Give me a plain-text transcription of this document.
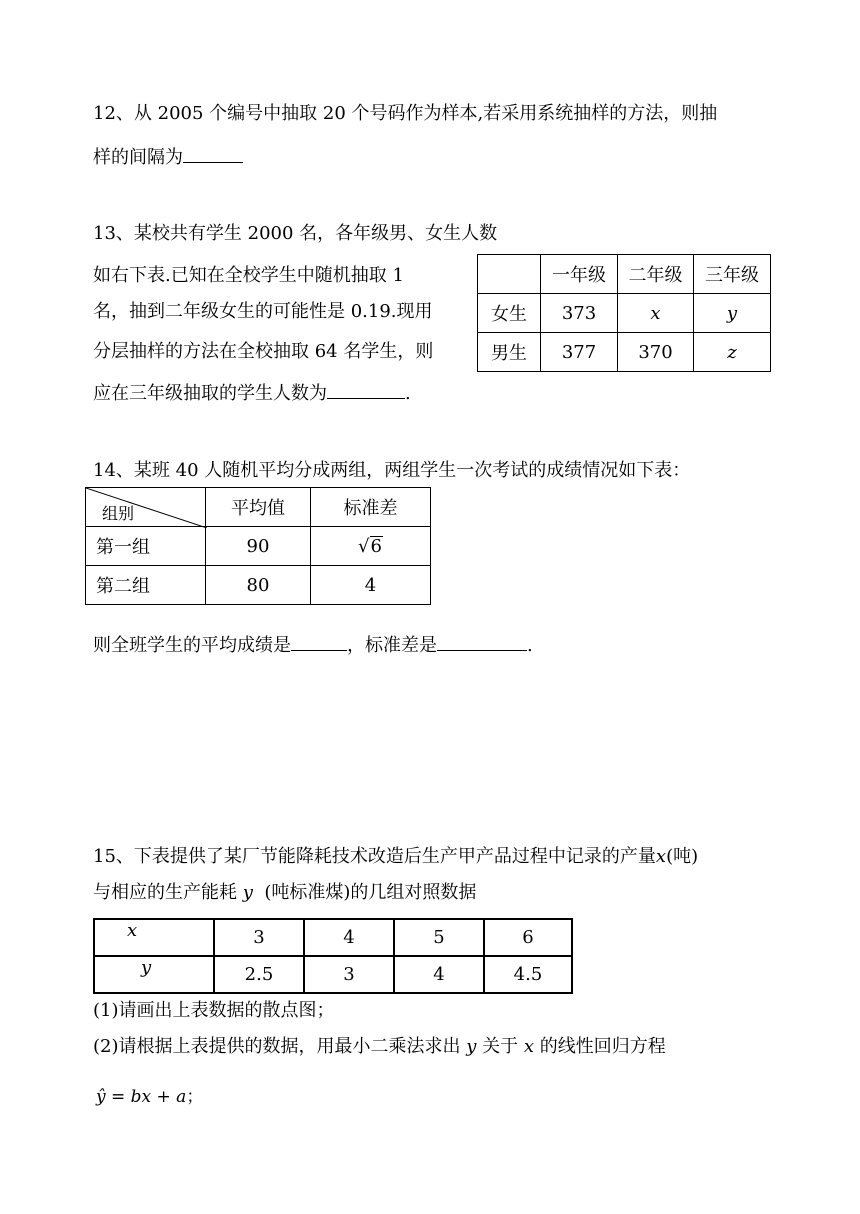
12、从 2005 个编号中抽取 20 个号码作为样本,若采用系统抽样的方法，则抽
样的间隔为
13、某校共有学生 2000 名，各年级男、女生人数
如右下表.已知在全校学生中随机抽取 1
名，抽到二年级女生的可能性是 0.19.现用
分层抽样的方法在全校抽取 64 名学生，则
应在三年级抽取的学生人数为	.
	一年级	二年级	三年级
女生	373	x	y
男生	377	370	z
14、某班 40 人随机平均分成两组，两组学生一次考试的成绩情况如下表：
组别	平均值	标准差
第一组	90	√ 6

第二组	80	4
则全班学生的平均成绩是	，标准差是	.
15、下表提供了某厂节能降耗技术改造后生产甲产品过程中记录的产量x(吨)
与相应的生产能耗 y (吨标准煤)的几组对照数据
x	3	4	5	6
y	2.5	3	4	4.5
(1)请画出上表数据的散点图；
(2)请根据上表提供的数据，用最小二乘法求出 y 关于 x 的线性回归方程
ŷ = bx + a；
